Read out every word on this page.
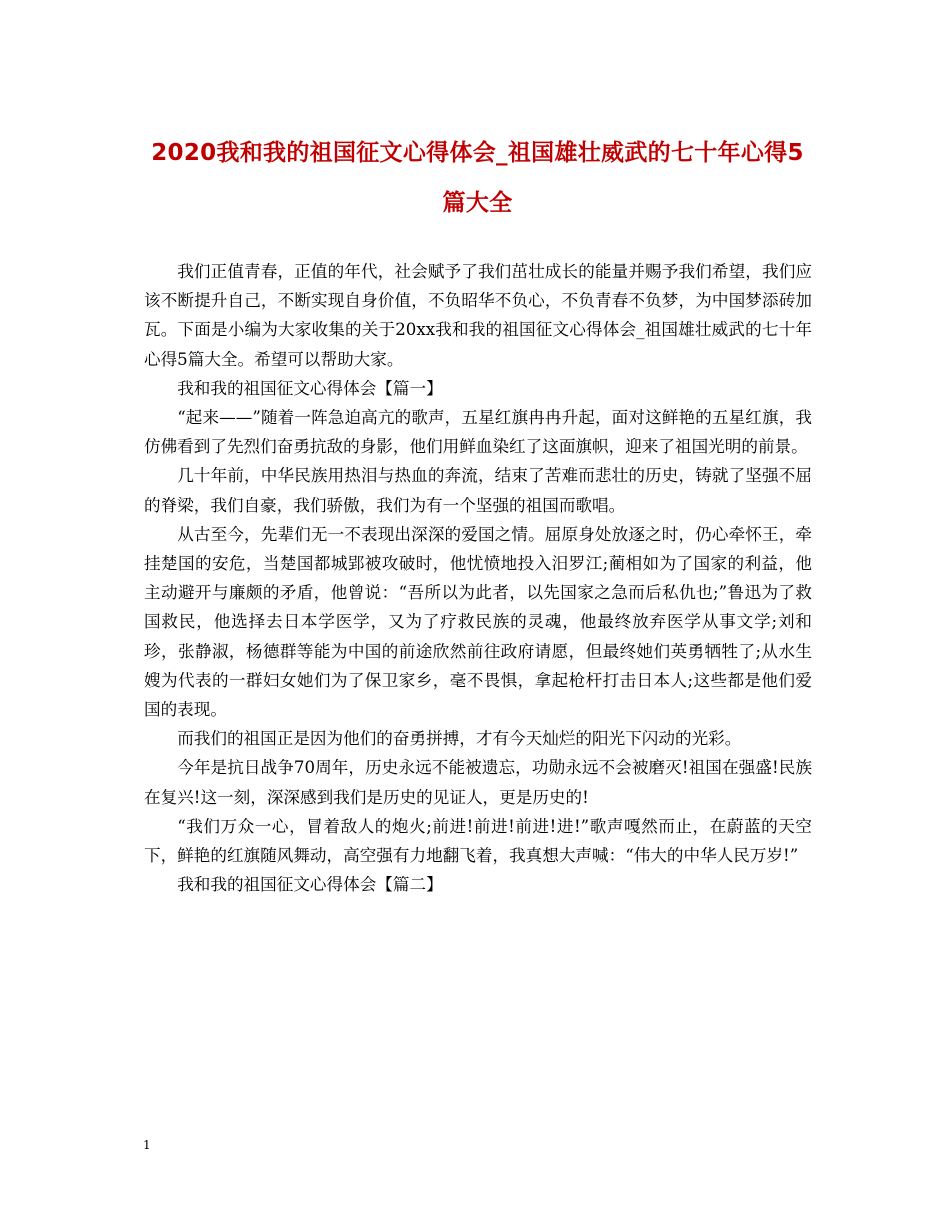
2020我和我的祖国征文心得体会_祖国雄壮威武的七十年心得5篇大全

我们正值青春，正值的年代，社会赋予了我们茁壮成长的能量并赐予我们希望，我们应该不断提升自己，不断实现自身价值，不负昭华不负心，不负青春不负梦，为中国梦添砖加瓦。下面是小编为大家收集的关于20xx我和我的祖国征文心得体会_祖国雄壮威武的七十年心得5篇大全。希望可以帮助大家。

我和我的祖国征文心得体会【篇一】

“起来——”随着一阵急迫高亢的歌声，五星红旗冉冉升起，面对这鲜艳的五星红旗，我仿佛看到了先烈们奋勇抗敌的身影，他们用鲜血染红了这面旗帜，迎来了祖国光明的前景。

几十年前，中华民族用热泪与热血的奔流，结束了苦难而悲壮的历史，铸就了坚强不屈的脊梁，我们自豪，我们骄傲，我们为有一个坚强的祖国而歌唱。

从古至今，先辈们无一不表现出深深的爱国之情。屈原身处放逐之时，仍心牵怀王，牵挂楚国的安危，当楚国都城郢被攻破时，他忧愤地投入汨罗江;蔺相如为了国家的利益，他主动避开与廉颇的矛盾，他曾说：“吾所以为此者，以先国家之急而后私仇也;”鲁迅为了救国救民，他选择去日本学医学，又为了疗救民族的灵魂，他最终放弃医学从事文学;刘和珍，张静淑，杨德群等能为中国的前途欣然前往政府请愿，但最终她们英勇牺牲了;从水生嫂为代表的一群妇女她们为了保卫家乡，毫不畏惧，拿起枪杆打击日本人;这些都是他们爱国的表现。

而我们的祖国正是因为他们的奋勇拼搏，才有今天灿烂的阳光下闪动的光彩。

今年是抗日战争70周年，历史永远不能被遗忘，功勋永远不会被磨灭!祖国在强盛!民族在复兴!这一刻，深深感到我们是历史的见证人，更是历史的!

“我们万众一心，冒着敌人的炮火;前进!前进!前进!进!”歌声嘎然而止，在蔚蓝的天空下，鲜艳的红旗随风舞动，高空强有力地翻飞着，我真想大声喊：“伟大的中华人民万岁!”

我和我的祖国征文心得体会【篇二】

1
